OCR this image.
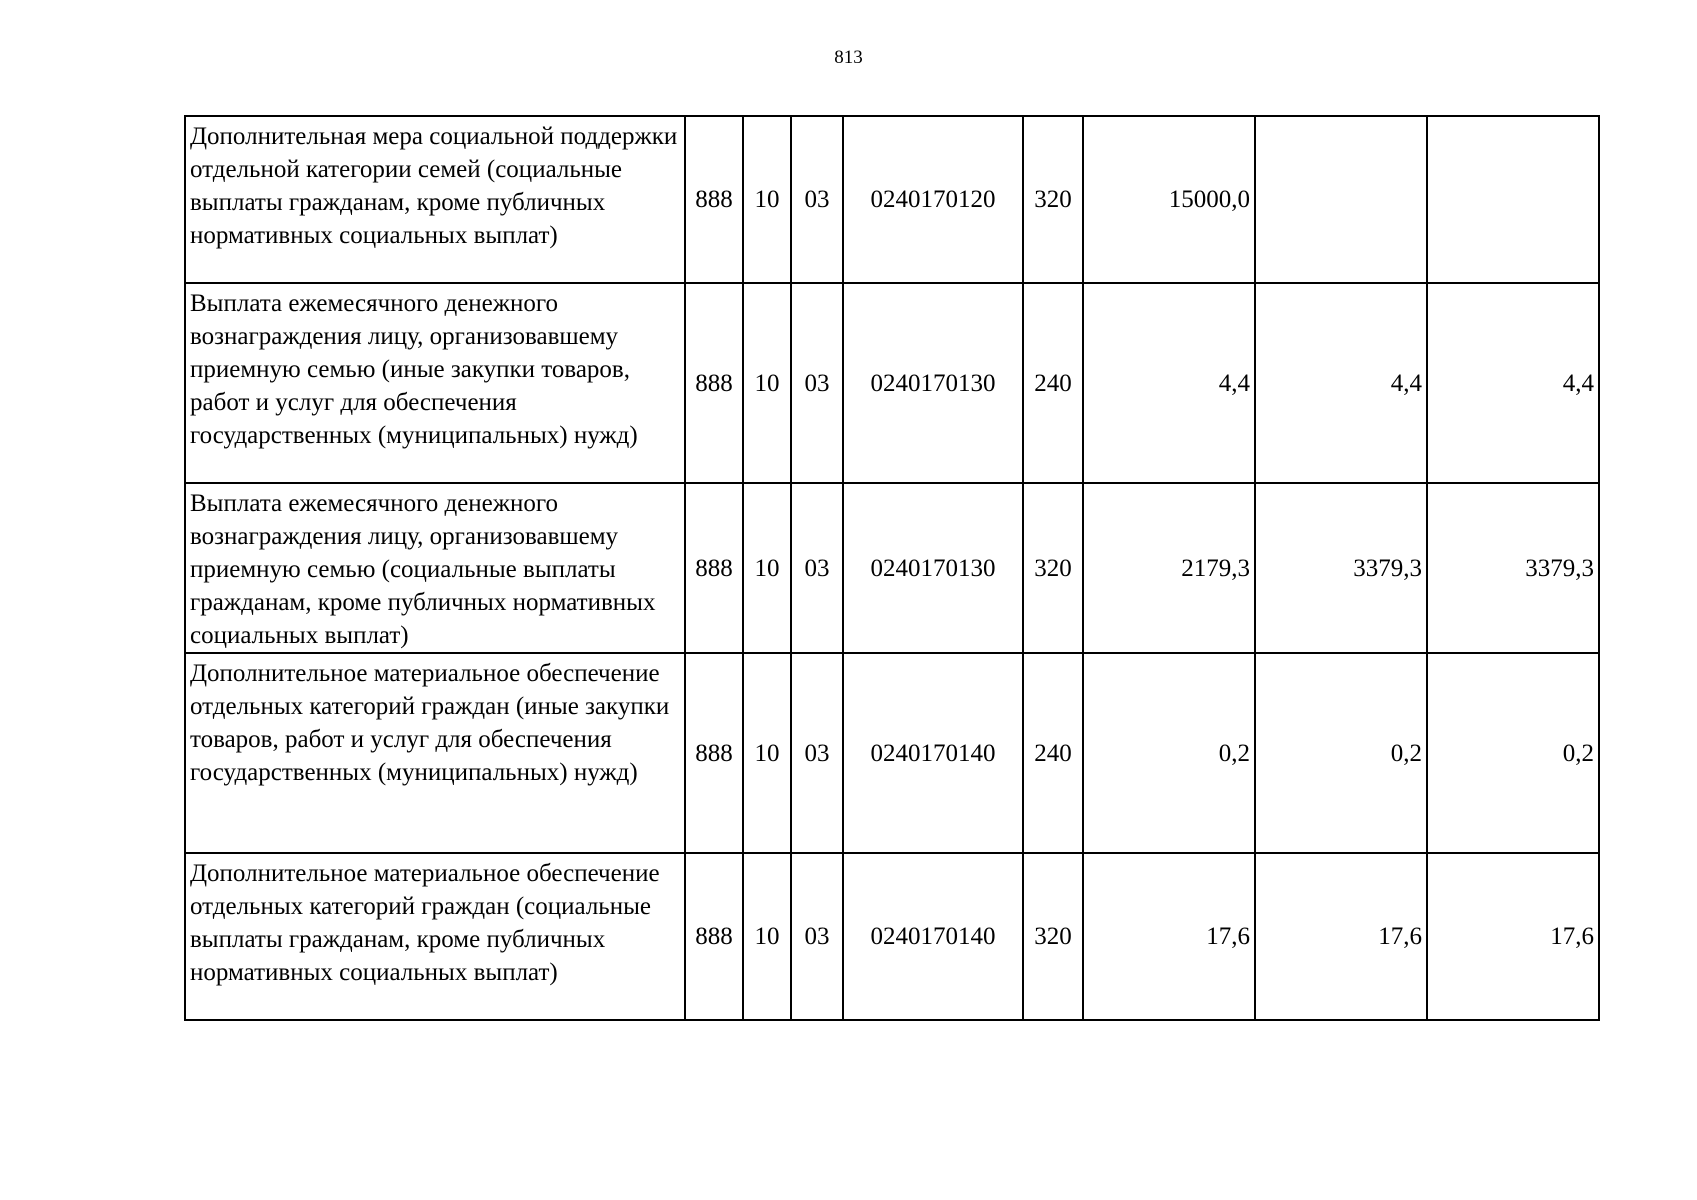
813
Дополнительная мера социальной поддержки отдельной категории семей (социальные выплаты гражданам, кроме публичных нормативных социальных выплат)	888	10	03	0240170120	320	15000,0		
Выплата ежемесячного денежного вознаграждения лицу, организовавшему приемную семью (иные закупки товаров, работ и услуг для обеспечения государственных (муниципальных) нужд)	888	10	03	0240170130	240	4,4	4,4	4,4
Выплата ежемесячного денежного вознаграждения лицу, организовавшему приемную семью (социальные выплаты гражданам, кроме публичных нормативных социальных выплат)	888	10	03	0240170130	320	2179,3	3379,3	3379,3
Дополнительное материальное обеспечение отдельных категорий граждан (иные закупки товаров, работ и услуг для обеспечения государственных (муниципальных) нужд)	888	10	03	0240170140	240	0,2	0,2	0,2
Дополнительное материальное обеспечение отдельных категорий граждан (социальные выплаты гражданам, кроме публичных нормативных социальных выплат)	888	10	03	0240170140	320	17,6	17,6	17,6
